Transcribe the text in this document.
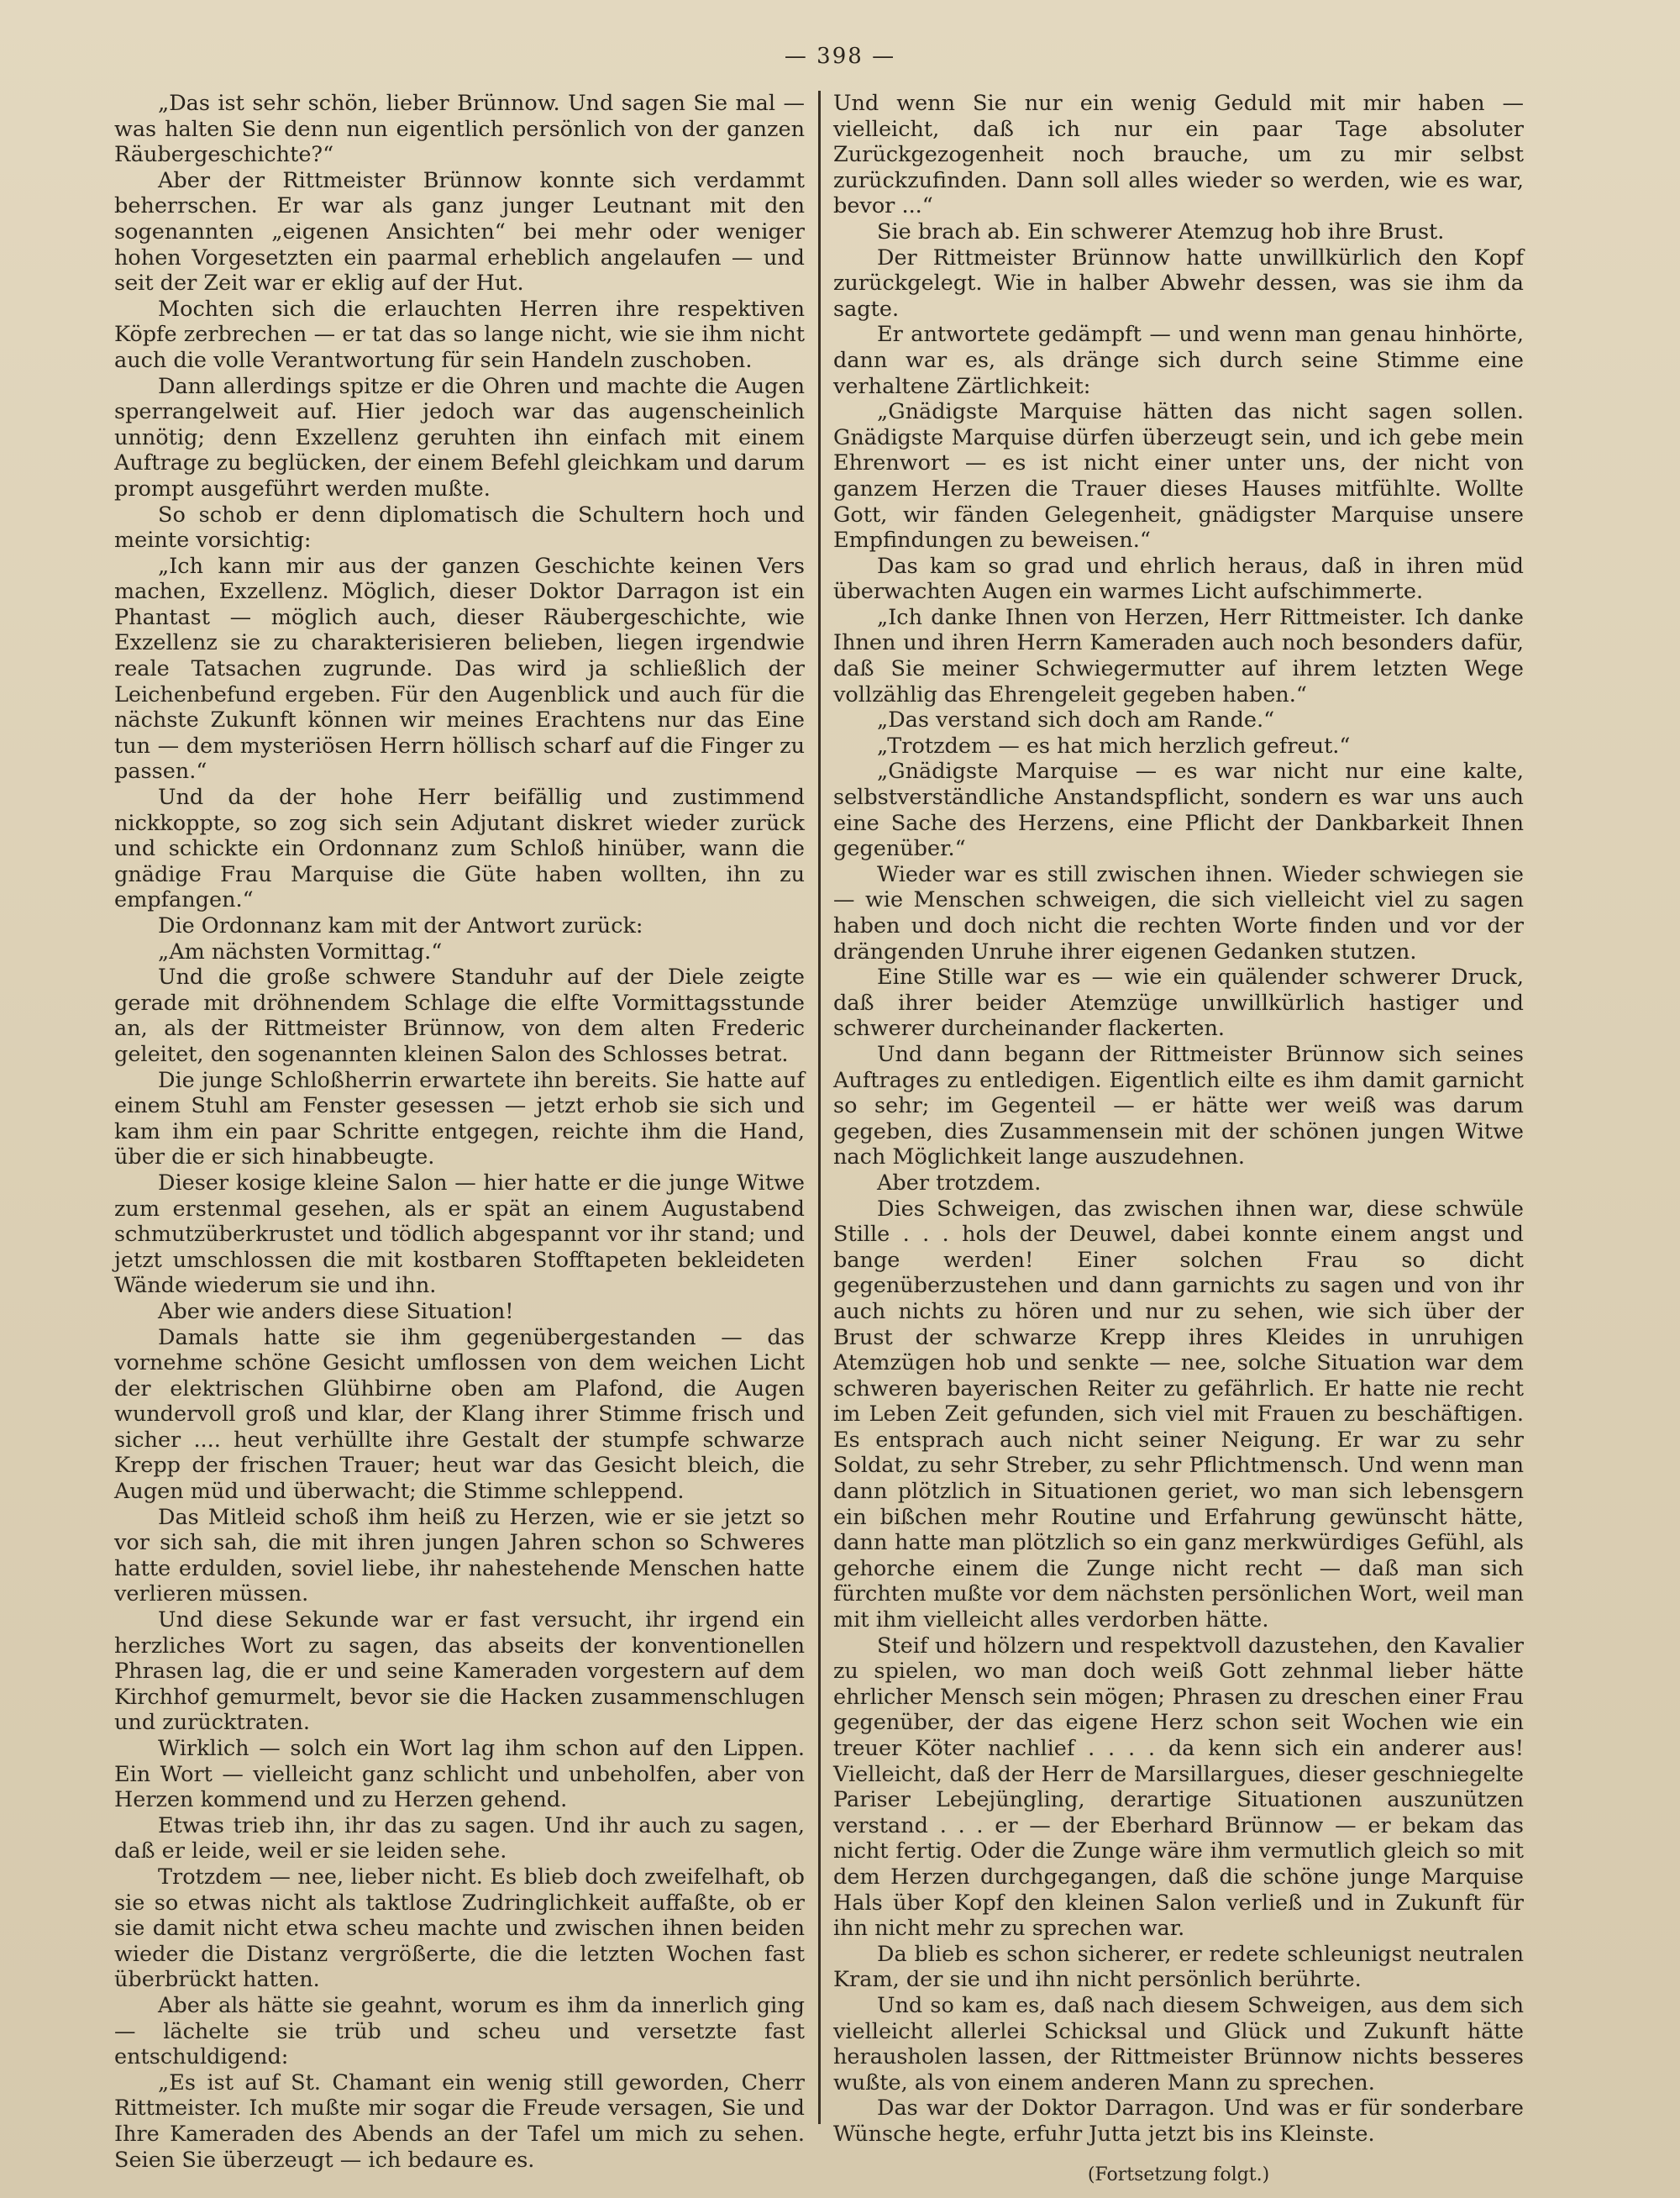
— 398 —

„Das ist sehr schön, lieber Brünnow. Und sagen Sie mal — was halten Sie denn nun eigentlich persönlich von der ganzen Räubergeschichte?“

Aber der Rittmeister Brünnow konnte sich verdammt beherrschen. Er war als ganz junger Leutnant mit den sogenannten „eigenen Ansichten“ bei mehr oder weniger hohen Vorgesetzten ein paarmal erheblich angelaufen — und seit der Zeit war er eklig auf der Hut.

Mochten sich die erlauchten Herren ihre respektiven Köpfe zerbrechen — er tat das so lange nicht, wie sie ihm nicht auch die volle Verantwortung für sein Handeln zuschoben.

Dann allerdings spitze er die Ohren und machte die Augen sperrangelweit auf. Hier jedoch war das augenscheinlich unnötig; denn Exzellenz geruhten ihn einfach mit einem Auftrage zu beglücken, der einem Befehl gleichkam und darum prompt ausgeführt werden mußte.

So schob er denn diplomatisch die Schultern hoch und meinte vorsichtig:

„Ich kann mir aus der ganzen Geschichte keinen Vers machen, Exzellenz. Möglich, dieser Doktor Darragon ist ein Phantast — möglich auch, dieser Räubergeschichte, wie Exzellenz sie zu charakterisieren belieben, liegen irgendwie reale Tatsachen zugrunde. Das wird ja schließlich der Leichenbefund ergeben. Für den Augenblick und auch für die nächste Zukunft können wir meines Erachtens nur das Eine tun — dem mysteriösen Herrn höllisch scharf auf die Finger zu passen.“

Und da der hohe Herr beifällig und zustimmend nickkoppte, so zog sich sein Adjutant diskret wieder zurück und schickte ein Ordonnanz zum Schloß hinüber, wann die gnädige Frau Marquise die Güte haben wollten, ihn zu empfangen.“

Die Ordonnanz kam mit der Antwort zurück:

„Am nächsten Vormittag.“

Und die große schwere Standuhr auf der Diele zeigte gerade mit dröhnendem Schlage die elfte Vormittagsstunde an, als der Rittmeister Brünnow, von dem alten Frederic geleitet, den sogenannten kleinen Salon des Schlosses betrat.

Die junge Schloßherrin erwartete ihn bereits. Sie hatte auf einem Stuhl am Fenster gesessen — jetzt erhob sie sich und kam ihm ein paar Schritte entgegen, reichte ihm die Hand, über die er sich hinabbeugte.

Dieser kosige kleine Salon — hier hatte er die junge Witwe zum erstenmal gesehen, als er spät an einem Augustabend schmutzüberkrustet und tödlich abgespannt vor ihr stand; und jetzt umschlossen die mit kostbaren Stofftapeten bekleideten Wände wiederum sie und ihn.

Aber wie anders diese Situation!

Damals hatte sie ihm gegenübergestanden — das vornehme schöne Gesicht umflossen von dem weichen Licht der elektrischen Glühbirne oben am Plafond, die Augen wundervoll groß und klar, der Klang ihrer Stimme frisch und sicher .... heut verhüllte ihre Gestalt der stumpfe schwarze Krepp der frischen Trauer; heut war das Gesicht bleich, die Augen müd und überwacht; die Stimme schleppend.

Das Mitleid schoß ihm heiß zu Herzen, wie er sie jetzt so vor sich sah, die mit ihren jungen Jahren schon so Schweres hatte erdulden, soviel liebe, ihr nahestehende Menschen hatte verlieren müssen.

Und diese Sekunde war er fast versucht, ihr irgend ein herzliches Wort zu sagen, das abseits der konventionellen Phrasen lag, die er und seine Kameraden vorgestern auf dem Kirchhof gemurmelt, bevor sie die Hacken zusammenschlugen und zurücktraten.

Wirklich — solch ein Wort lag ihm schon auf den Lippen. Ein Wort — vielleicht ganz schlicht und unbeholfen, aber von Herzen kommend und zu Herzen gehend.

Etwas trieb ihn, ihr das zu sagen. Und ihr auch zu sagen, daß er leide, weil er sie leiden sehe.

Trotzdem — nee, lieber nicht. Es blieb doch zweifelhaft, ob sie so etwas nicht als taktlose Zudringlichkeit auffaßte, ob er sie damit nicht etwa scheu machte und zwischen ihnen beiden wieder die Distanz vergrößerte, die die letzten Wochen fast überbrückt hatten.

Aber als hätte sie geahnt, worum es ihm da innerlich ging — lächelte sie trüb und scheu und versetzte fast entschuldigend:

„Es ist auf St. Chamant ein wenig still geworden, Cherr Rittmeister. Ich mußte mir sogar die Freude versagen, Sie und Ihre Kameraden des Abends an der Tafel um mich zu sehen. Seien Sie überzeugt — ich bedaure es.

Und wenn Sie nur ein wenig Geduld mit mir haben — vielleicht, daß ich nur ein paar Tage absoluter Zurückgezogenheit noch brauche, um zu mir selbst zurückzufinden. Dann soll alles wieder so werden, wie es war, bevor ...“

Sie brach ab. Ein schwerer Atemzug hob ihre Brust.

Der Rittmeister Brünnow hatte unwillkürlich den Kopf zurückgelegt. Wie in halber Abwehr dessen, was sie ihm da sagte.

Er antwortete gedämpft — und wenn man genau hinhörte, dann war es, als dränge sich durch seine Stimme eine verhaltene Zärtlichkeit:

„Gnädigste Marquise hätten das nicht sagen sollen. Gnädigste Marquise dürfen überzeugt sein, und ich gebe mein Ehrenwort — es ist nicht einer unter uns, der nicht von ganzem Herzen die Trauer dieses Hauses mitfühlte. Wollte Gott, wir fänden Gelegenheit, gnädigster Marquise unsere Empfindungen zu beweisen.“

Das kam so grad und ehrlich heraus, daß in ihren müd überwachten Augen ein warmes Licht aufschimmerte.

„Ich danke Ihnen von Herzen, Herr Rittmeister. Ich danke Ihnen und ihren Herrn Kameraden auch noch besonders dafür, daß Sie meiner Schwiegermutter auf ihrem letzten Wege vollzählig das Ehrengeleit gegeben haben.“

„Das verstand sich doch am Rande.“

„Trotzdem — es hat mich herzlich gefreut.“

„Gnädigste Marquise — es war nicht nur eine kalte, selbstverständliche Anstandspflicht, sondern es war uns auch eine Sache des Herzens, eine Pflicht der Dankbarkeit Ihnen gegenüber.“

Wieder war es still zwischen ihnen. Wieder schwiegen sie — wie Menschen schweigen, die sich vielleicht viel zu sagen haben und doch nicht die rechten Worte finden und vor der drängenden Unruhe ihrer eigenen Gedanken stutzen.

Eine Stille war es — wie ein quälender schwerer Druck, daß ihrer beider Atemzüge unwillkürlich hastiger und schwerer durcheinander flackerten.

Und dann begann der Rittmeister Brünnow sich seines Auftrages zu entledigen. Eigentlich eilte es ihm damit garnicht so sehr; im Gegenteil — er hätte wer weiß was darum gegeben, dies Zusammensein mit der schönen jungen Witwe nach Möglichkeit lange auszudehnen.

Aber trotzdem.

Dies Schweigen, das zwischen ihnen war, diese schwüle Stille . . . hols der Deuwel, dabei konnte einem angst und bange werden! Einer solchen Frau so dicht gegenüberzustehen und dann garnichts zu sagen und von ihr auch nichts zu hören und nur zu sehen, wie sich über der Brust der schwarze Krepp ihres Kleides in unruhigen Atemzügen hob und senkte — nee, solche Situation war dem schweren bayerischen Reiter zu gefährlich. Er hatte nie recht im Leben Zeit gefunden, sich viel mit Frauen zu beschäftigen. Es entsprach auch nicht seiner Neigung. Er war zu sehr Soldat, zu sehr Streber, zu sehr Pflichtmensch. Und wenn man dann plötzlich in Situationen geriet, wo man sich lebensgern ein bißchen mehr Routine und Erfahrung gewünscht hätte, dann hatte man plötzlich so ein ganz merkwürdiges Gefühl, als gehorche einem die Zunge nicht recht — daß man sich fürchten mußte vor dem nächsten persönlichen Wort, weil man mit ihm vielleicht alles verdorben hätte.

Steif und hölzern und respektvoll dazustehen, den Kavalier zu spielen, wo man doch weiß Gott zehnmal lieber hätte ehrlicher Mensch sein mögen; Phrasen zu dreschen einer Frau gegenüber, der das eigene Herz schon seit Wochen wie ein treuer Köter nachlief . . . . da kenn sich ein anderer aus! Vielleicht, daß der Herr de Marsillargues, dieser geschniegelte Pariser Lebejüngling, derartige Situationen auszunützen verstand . . . er — der Eberhard Brünnow — er bekam das nicht fertig. Oder die Zunge wäre ihm vermutlich gleich so mit dem Herzen durchgegangen, daß die schöne junge Marquise Hals über Kopf den kleinen Salon verließ und in Zukunft für ihn nicht mehr zu sprechen war.

Da blieb es schon sicherer, er redete schleunigst neutralen Kram, der sie und ihn nicht persönlich berührte.

Und so kam es, daß nach diesem Schweigen, aus dem sich vielleicht allerlei Schicksal und Glück und Zukunft hätte herausholen lassen, der Rittmeister Brünnow nichts besseres wußte, als von einem anderen Mann zu sprechen.

Das war der Doktor Darragon. Und was er für sonderbare Wünsche hegte, erfuhr Jutta jetzt bis ins Kleinste.

(Fortsetzung folgt.)
